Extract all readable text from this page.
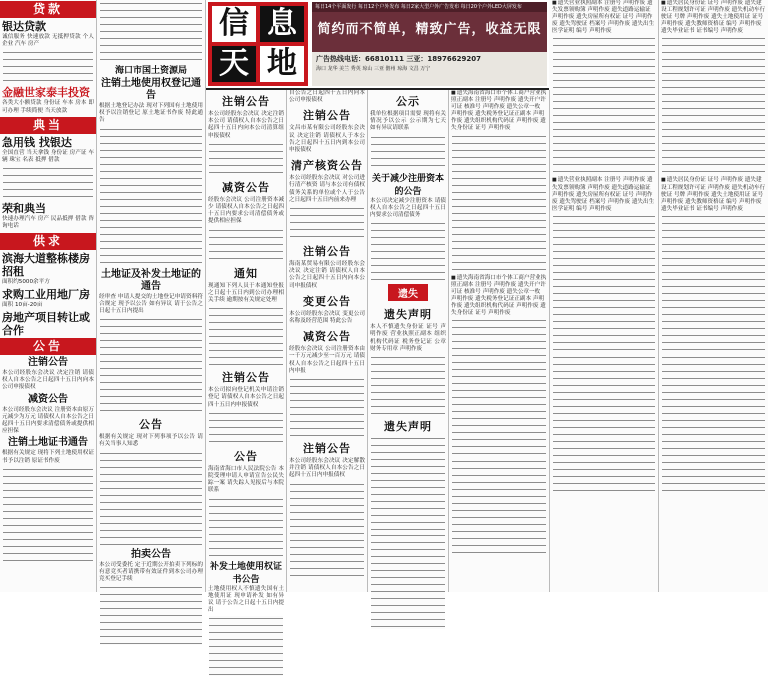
贷款
银达贷款
诚信服务 快速放款 无抵押贷款 个人 企业 汽车 房产
金融世家泰丰投资
各类大小额贷款 身份证 车本 房本 即可办理 手续简便 当天放款
典当
急用钱 找银达
全国直营 当天拿钱 身份证 房产证 车辆 珠宝 名表 抵押 借款
荣和典当
快速办理汽车 房产 民品抵押 借款 咨询电话
供求
滨海大道整栋楼房招租
面积约5000余平方
求购工业用地厂房
面积 10亩-20亩
房地产项目转让或合作
公告
注销公告
本公司经股东会决议 决定注销 请债权人自本公告之日起四十五日内向本公司申报债权
减资公告
本公司经股东会决议 注册资本由原万元减少为万元 请债权人自本公告之日起四十五日内要求清偿债务或提供相应担保
注销土地证书通告
根据有关规定 现将下列土地使用权证书予以注销 原证书作废
海口市国土资源局
注销土地使用权登记通告
根据土地登记办法 现对下列国有土地使用权予以注销登记 原土地证书作废 特此通告
土地证及补发土地证的通告
经审查 申请人提交的土地登记申请资料符合规定 现予以公告 如有异议 请于公告之日起十五日内提出
公告
根据有关规定 现对下列事项予以公告 请有关当事人知悉
拍卖公告
本公司受委托 定于近期公开拍卖下列标的 有意竞买者请携带有效证件到本公司办理竞买登记手续
信 息
天 地
每日14个平面发行 每日12个户外发布 每日2家大型户外广告发布 每日20个户外LED大屏发布
简约而不简单，精致广告，收益无限
广告热线电话：66810111 三亚：18976629207
海口 龙华 美兰 秀英 琼山 三亚 儋州 琼海 文昌 万宁
注销公告
本公司经股东会决议 决定注销本公司 请债权人自本公告之日起四十五日内向本公司清算组申报债权
减资公告
经股东会决议 公司注册资本减少 请债权人自本公告之日起四十五日内要求公司清偿债务或提供相应担保
通知
现通知下列人员于本通知登报之日起十五日内到公司办理相关手续 逾期按有关规定处理
注销公告
本公司拟向登记机关申请注销登记 请债权人自本公告之日起四十五日内申报债权
公告
海南省海口市人民法院公告 本院受理申请人申请宣告公民失踪一案 请失踪人见报后与本院联系
补发土地使用权证书公告
土地使用权人不慎遗失国有土地使用证 现申请补发 如有异议 请于公告之日起十五日内提出
自公告之日起四十五日内向本公司申报债权
注销公告
文昌市某有限公司经股东会决议 决定注销 请债权人于本公告之日起四十五日内到本公司申报债权
清产核资公告
本公司经股东会决议 对公司进行清产核资 请与本公司有债权债务关系的单位或个人于公告之日起四十五日内前来办理
注销公告
海南某贸易有限公司经股东会决议 决定注销 请债权人自本公告之日起四十五日内向本公司申报债权
变更公告
本公司经股东会决议 变更公司名称及经营范围 特此公告
减资公告
经股东会决议 公司注册资本由一千万元减少至一百万元 请债权人自本公告之日起四十五日内申报
注销公告
本公司经股东会决议 决定解散并注销 请债权人自本公告之日起四十五日内申报债权
公示
我单位根据项目需要 现将有关情况予以公示 公示期为七天 如有异议请联系
关于减少注册资本的公告
本公司决定减少注册资本 请债权人自本公告之日起四十五日内要求公司清偿债务
遗失
遗失声明
本人不慎遗失身份证 证号 声明作废 营业执照正副本 组织机构代码证 税务登记证 公章 财务专用章 声明作废
遗失声明
■ 遗失海南省海口市个体工商户营业执照正副本 注册号 声明作废 遗失开户许可证 核准号 声明作废 遗失公章一枚 声明作废 遗失税务登记证正副本 声明作废 遗失组织机构代码证 声明作废 遗失身份证 证号 声明作废
■ 遗失海南省海口市个体工商户营业执照正副本 注册号 声明作废 遗失开户许可证 核准号 声明作废 遗失公章一枚 声明作废 遗失税务登记证正副本 声明作废 遗失组织机构代码证 声明作废 遗失身份证 证号 声明作废
■ 遗失营业执照副本 注册号 声明作废 遗失发票领购簿 声明作废 遗失道路运输证 声明作废 遗失房屋所有权证 证号 声明作废 遗失驾驶证 档案号 声明作废 遗失出生医学证明 编号 声明作废
■ 遗失营业执照副本 注册号 声明作废 遗失发票领购簿 声明作废 遗失道路运输证 声明作废 遗失房屋所有权证 证号 声明作废 遗失驾驶证 档案号 声明作废 遗失出生医学证明 编号 声明作废
■ 遗失居民身份证 证号 声明作废 遗失建设工程规划许可证 声明作废 遗失机动车行驶证 号牌 声明作废 遗失土地使用证 证号 声明作废 遗失教师资格证 编号 声明作废 遗失毕业证书 证书编号 声明作废
■ 遗失居民身份证 证号 声明作废 遗失建设工程规划许可证 声明作废 遗失机动车行驶证 号牌 声明作废 遗失土地使用证 证号 声明作废 遗失教师资格证 编号 声明作废 遗失毕业证书 证书编号 声明作废
